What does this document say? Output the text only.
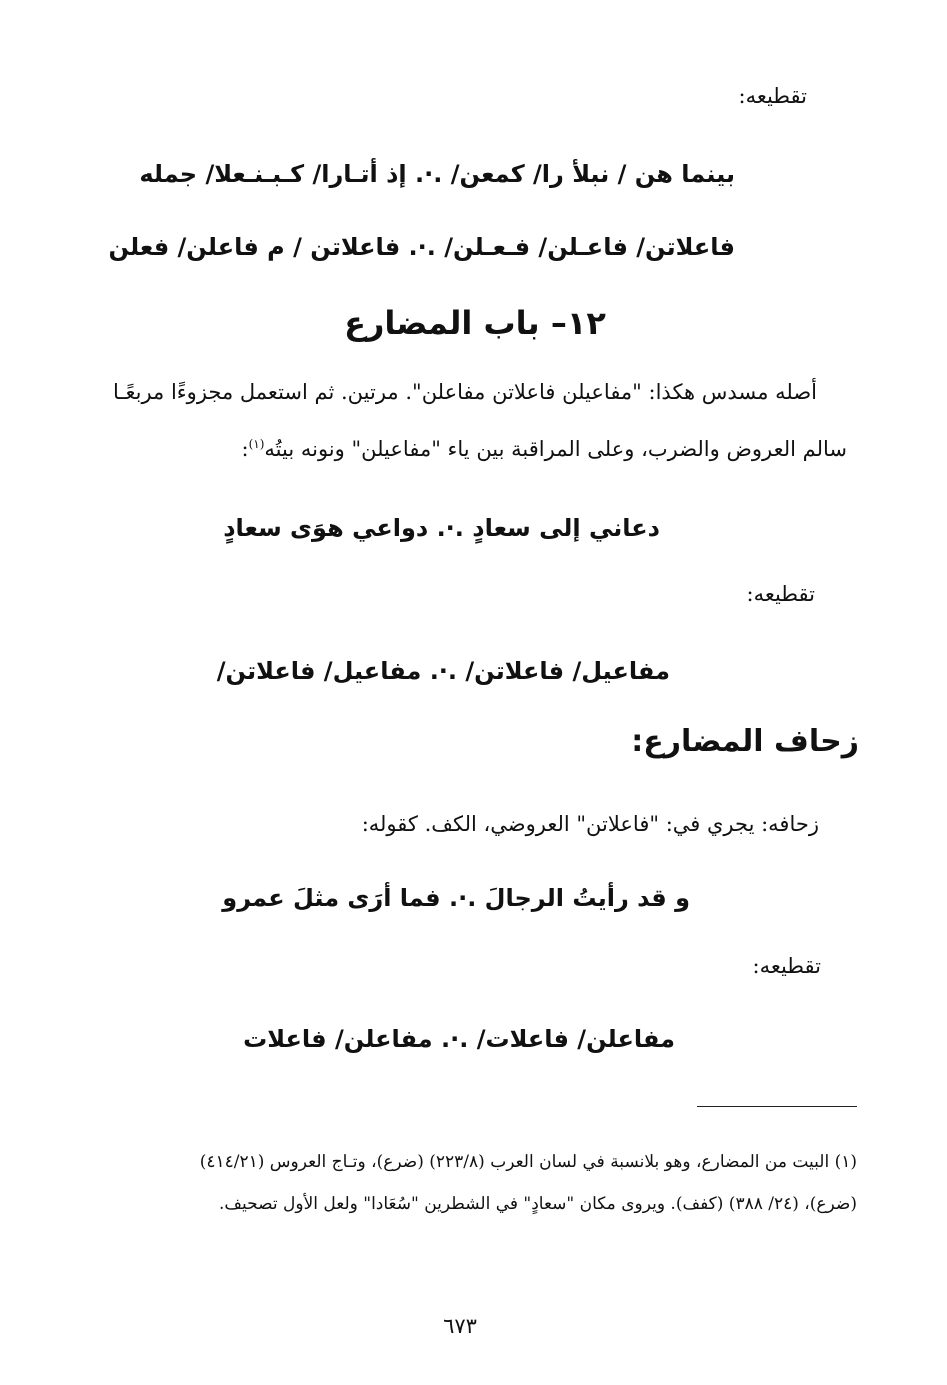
تقطيعه:
بينما هن / نبلأ را/ كمعن/ .·. إذ أتـارا/ كـبـنـعلا/ جمله
فاعلاتن/ فاعـلن/ فـعـلن/ .·. فاعلاتن / م فاعلن/ فعلن
١٢– باب المضارع
أصله مسدس هكذا: "مفاعيلن فاعلاتن مفاعلن". مرتين. ثم استعمل مجزوءًا مربعًـا
سالم العروض والضرب، وعلى المراقبة بين ياء "مفاعيلن" ونونه بيتُه$^{(١)}$:
دعاني إلى سعادٍ .·. دواعي هوَى سعادٍ
تقطيعه:
مفاعيل/ فاعلاتن/ .·. مفاعيل/ فاعلاتن/
زحاف المضارع:
زحافه: يجري في: "فاعلاتن" العروضي، الكف. كقوله:
و قد رأيتُ الرجالَ .·. فما أرَى مثلَ عمرو
تقطيعه:
مفاعلن/ فاعلات/ .·. مفاعلن/ فاعلات
(١) البيت من المضارع، وهو بلانسبة في لسان العرب (٢٢٣/٨) (ضرع)، وتـاج العروس (٤١٤/٢١)
(ضرع)، (٢٤/ ٣٨٨) (كفف). ويروى مكان "سعادٍ" في الشطرين "سُعَادا" ولعل الأول تصحيف.
٦٧٣
